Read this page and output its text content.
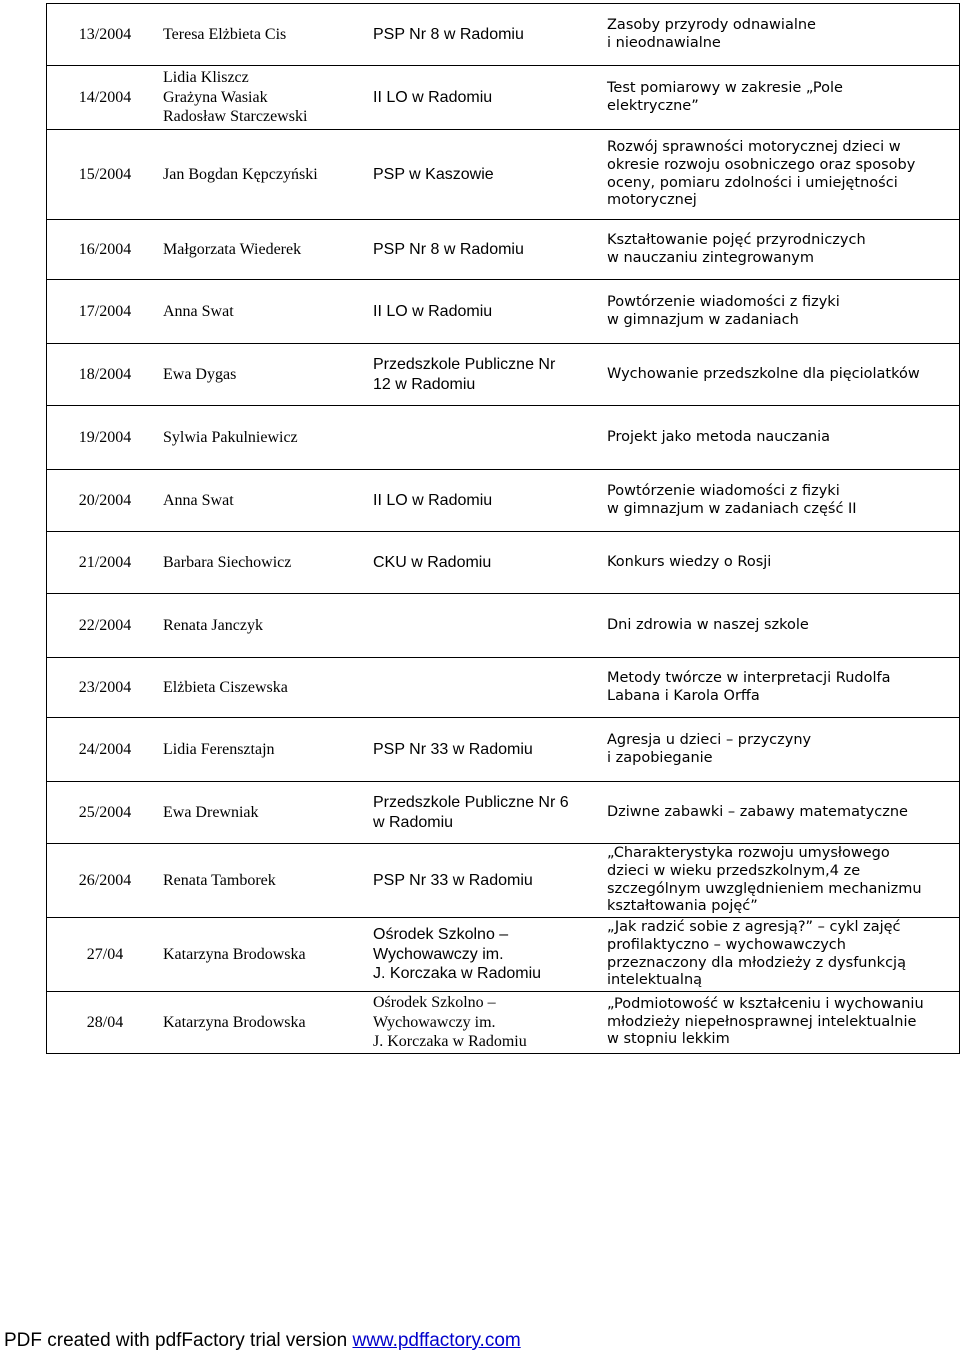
13/2004	Teresa Elżbieta Cis	PSP Nr 8 w Radomiu	Zasoby przyrody odnawialne
i nieodnawialne

14/2004	Lidia Kliszcz
Grażyna Wasiak
Radosław Starczewski	II LO w Radomiu	Test pomiarowy w zakresie „Pole
elektryczne”

15/2004	Jan Bogdan Kępczyński	PSP w Kaszowie	Rozwój sprawności motorycznej dzieci w
okresie rozwoju osobniczego oraz sposoby
oceny, pomiaru zdolności i umiejętności
motorycznej

16/2004	Małgorzata Wiederek	PSP Nr 8 w Radomiu	Kształtowanie pojęć przyrodniczych
w nauczaniu zintegrowanym

17/2004	Anna Swat	II LO w Radomiu	Powtórzenie wiadomości z fizyki
w gimnazjum w zadaniach

18/2004	Ewa Dygas	Przedszkole Publiczne Nr
12 w Radomiu	Wychowanie przedszkolne dla pięciolatków

19/2004	Sylwia Pakulniewicz		Projekt jako metoda nauczania

20/2004	Anna Swat	II LO w Radomiu	Powtórzenie wiadomości z fizyki
w gimnazjum w zadaniach część II

21/2004	Barbara Siechowicz	CKU w Radomiu	Konkurs wiedzy o Rosji

22/2004	Renata Janczyk		Dni zdrowia w naszej szkole

23/2004	Elżbieta Ciszewska		Metody twórcze w interpretacji Rudolfa
Labana i Karola Orffa

24/2004	Lidia Ferensztajn	PSP Nr 33 w Radomiu	Agresja u dzieci – przyczyny
i zapobieganie

25/2004	Ewa Drewniak	Przedszkole Publiczne Nr 6
w Radomiu	Dziwne zabawki – zabawy matematyczne

26/2004	Renata Tamborek	PSP Nr 33 w Radomiu	„Charakterystyka rozwoju umysłowego
dzieci w wieku przedszkolnym,4 ze
szczególnym uwzględnieniem mechanizmu
kształtowania pojęć”

27/04	Katarzyna Brodowska	Ośrodek Szkolno –
Wychowawczy im.
J. Korczaka w Radomiu	„Jak radzić sobie z agresją?” – cykl zajęć
profilaktyczno – wychowawczych
przeznaczony dla młodzieży z dysfunkcją
intelektualną

28/04	Katarzyna Brodowska	Ośrodek Szkolno –
Wychowawczy im.
J. Korczaka w Radomiu	„Podmiotowość w kształceniu i wychowaniu
młodzieży niepełnosprawnej intelektualnie
w stopniu lekkim
PDF created with pdfFactory trial version www.pdffactory.com
